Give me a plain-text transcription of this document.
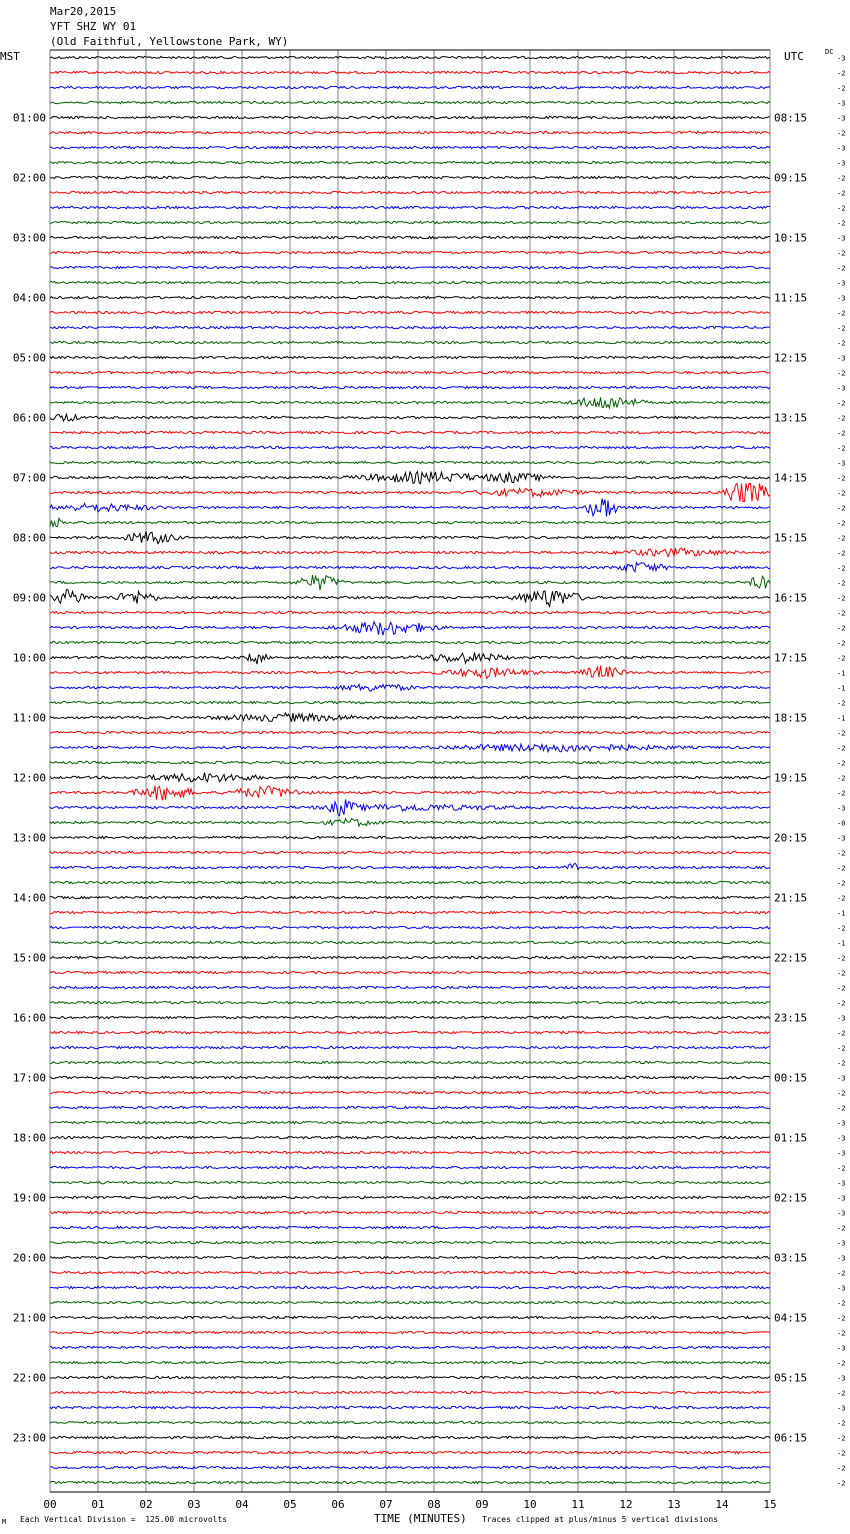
Mar20,2015
YFT SHZ WY 01
(Old Faithful, Yellowstone Park, WY)
MST	UTC	DC
01:00
02:00
03:00
04:00
05:00
06:00
07:00
08:00
09:00
10:00
11:00
12:00
13:00
14:00
15:00
16:00
17:00
18:00
19:00
20:00
21:00
22:00
23:00
08:15
09:15
10:15
11:15
12:15
13:15
14:15
15:15
16:15
17:15
18:15
19:15
20:15
21:15
22:15
23:15
00:15
01:15
02:15
03:15
04:15
05:15
06:15
-3
-2
-2
-3
-3
-2
-3
-3
-2
-2
-2
-2
-3
-2
-2
-3
-3
-2
-2
-2
-3
-2
-3
-2
-2
-2
-2
-3
-2
-2
-2
-2
-2
-2
-2
-2
-2
-2
-2
-2
-2
-1
-1
-2
-1
-2
-2
-2
-2
-2
-3
-0
-3
-2
-2
-2
-2
-1
-2
-1
-2
-2
-2
-2
-3
-2
-2
-2
-3
-2
-2
-3
-3
-3
-2
-3
-3
-3
-2
-3
-3
-2
-3
-2
-2
-2
-3
-2
-3
-2
-3
-2
-2
-2
-2
-2
00	01	02	03	04	05	06	07	08	09	10	11	12	13	14	15
TIME (MINUTES)
Each Vertical Division =  125.00 microvolts	Traces clipped at plus/minus 5 vertical divisions
M
